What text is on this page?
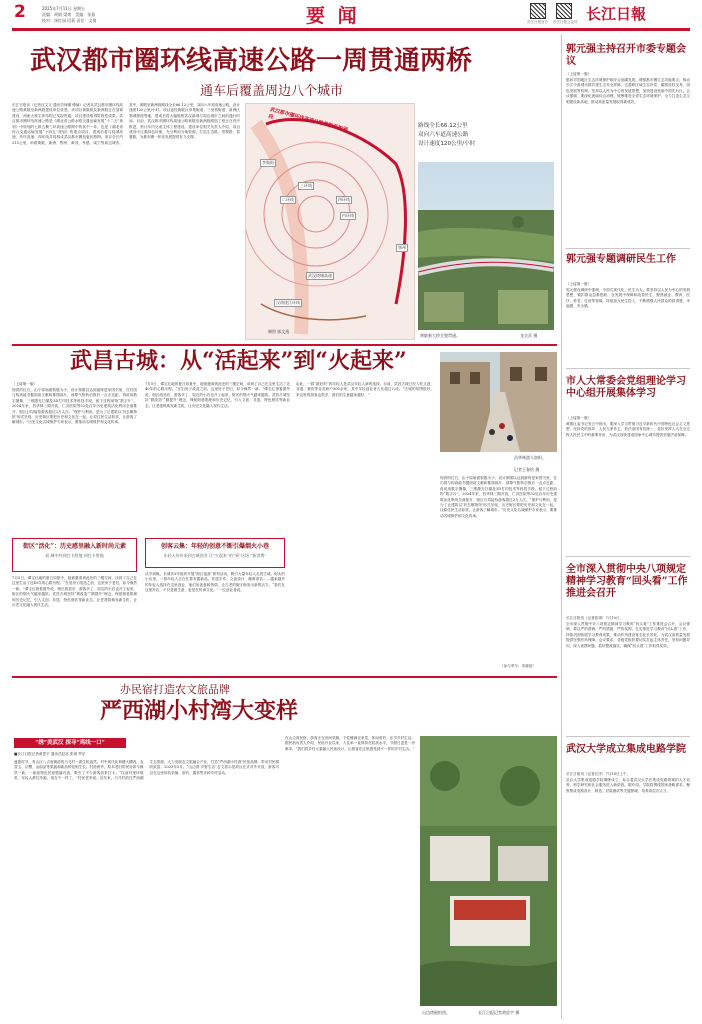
2	2025年7月11日 星期五
责编：胡娟 梁爽　美编：张燕
校对：汤红园 段莉 责任：文倩	要 闻	长江日报官方 长江日报公众号 长江日報
武汉都市圈环线高速公路一周贯通两桥
通车后覆盖周边八个城市
长江日报讯（记者汪文文 通讯员何曦 傅赫）记者从武汉都市圈环线高速公路黄陂至新洲段建设单位获悉，该项目黄陂段及新洲段正在加紧建设，两座大桥主体结构已实现贯通，项目建设取得阶段性成果。武汉都市圈环线高速公路是《湖北省公路水路交通运输发展“十二五”规划》中规划的七纵五横三环高速公路网中的其中一环，也是《湖北省综合交通运输发展“十四五”规划》的重点项目，建成后将与绕城高速、外环高速、四环线共同构成武汉都市圈放射状路网。项目全长约215公里，串联黄陂、新洲、鄂州、黄冈、孝感、咸宁等周边城市。其中，黄陂至新洲段路线全长66.12公里，双向六车道高速公路，设计速度120公里/小时。项目途经黄陂区李集街道、三里桥街道、新洲区邾城街道等地，建成后将大幅缩短武汉新城与周边城市之间的通行时间。目前，武汉都市圈环线高速公路黄陂至新洲段路面工程正在有序推进，预计年内完成主体工程建设。建设单位相关负责人介绍，项目建设中注重绿色环保，充分利用当地资源，打造生态路、景观路、智慧路，为都市圈一体化发展提供有力支撑。
武汉都市圈环线高速公路黄陂至新洲段
李集街
三环线
二环线	四环线
内环线
武汉绕城高速
汉南绕江环线
鄂州
制图 郭文逸
路线全长66.12公里
双向六车道高速公路
设计速度120公里/小时
黄陂新大桥全貌贯通。	龙全武 摄
武昌古城：从“活起来”到“火起来”
昌华林游人如织。
记者王春怡 摄
（上接第一版）
现供的红石，由于原始面积极为小，设计制图以达到最终是家国书里，在归国与构高能书据面前文献和都图那片，那尊气阳转后推后一点点近距，再说用数字摄像，三维激光扫描及3D打印技术等科技手段，留下过程前物“数字片”。2024年来，昌华林三期开放，仁济医院等52处百年历史建筑活化利用全面推开，街区日均接待游客超过2万人次。“保护与利用，是为了让建筑以‘折去哪物馆’形式呈现，历史街区要把历史和文化在一起，让原住民生活如常，让游客了解城市。”历史文化名城保护专家表示，要推动名城保护和文化传承。
街区“活化”：历史感里融入新时尚元素
看·城中村到打卡胜地 到打卡胜地
7月5日，谭宝红地的夏日如夏中，她被邀请到此处的三楼空间，谈到了自己在这里生活了近40年的心路历程。“在旧房子改造之前，这里房子老旧，如今焕然一新。”谭宝红指着窗外说，街区改造后，游客多了，周边的小店也开了起来，街区的烟火气越来越浓。武昌古城坚持“微改造”“精提升”理念，保留街巷肌理和历史记忆，引入文创、非遗、特色餐饮等新业态，让老建筑焕发新生机，让历史文化融入现代生活。
创客云集：年轻的创意不断引爆烟火小巷
年轻人纷纷来到古城创业 让“火起来”的“到”这场 “新消费”
7月5日，谭宝红地的夏日如夏中，她被邀请到此处的三楼空间，谈到了自己在这里生活了近40年的心路历程。“在旧房子改造之前，这里房子老旧，如今焕然一新。”谭宝红指着窗外说，街区改造后，游客多了，周边的小店也开了起来，街区的烟火气越来越浓。武昌古城坚持“微改造”“精提升”理念，保留街巷肌理和历史记忆，引入文创、非遗、特色餐饮等新业态，让老建筑焕发新生机，让历史文化融入现代生活。
从早到晚，长城多5年组织开展“街区夜游”系列活动，吸引大量年轻人走进古城。街头的小店里，一群年轻人正在忙着布置新品，非遗手作、文创设计、咖啡茶饮……越来越多的年轻人选择在这里创业，他们用创意和热情，让古老的街区焕发出新的活力。“我们在这里开店，不仅是做生意，更是在传承文化。”一位创业者说。
由此，一群“最好的”的年轻人是武汉年轻人新的选择。目前，武昌古城已经入驻文创、非遗、餐饮等各类商户300余家，其中年轻创业者占比超过六成。“古城的氛围很好，来这里的游客也很多，我们的生意越来越好。”
现供的红石，由于原始面积极为小，设计制图以达到最终是家国书里，在归国与构高能书据面前文献和都图那片，那尊气阳转后推后一点点近距，再说用数字摄像，三维激光扫描及3D打印技术等科技手段，留下过程前物“数字片”。2024年来，昌华林三期开放，仁济医院等52处百年历史建筑活化利用全面推开，街区日均接待游客超过2万人次。“保护与利用，是为了让建筑以‘折去哪物馆’形式呈现，历史街区要把历史和文化在一起，让原住民生活如常，让游客了解城市。”历史文化名城保护专家表示，要推动名城保护和文化传承。
（参与采写：朱晓蓓）
办民宿打造农文旅品牌
严西湖小村湾大变样
“绣”美武汉 探寻“鸡线一口”
■长江日报记者黄思宇 通讯员赵宸 张琪 罗乐
盛夏时节，青山区八吉府街道的白马村一派生机盎然。村中现代化荷塘大棚内，农香玉、京樱、金韵品等果蔬和新品种竞相生长。村道两旁，原本老旧的民房如今焕然一新，一座座特色民宿错落有致，吸引了不少游客前来打卡。“以前村里环境差，年轻人都往外跑，现在不一样了。”村民老李说。近年来，白马村依托严西湖生态资源，大力发展农文旅融合产业，打造“严西湖小村湾”民宿品牌，带动村民增收致富。2023年5月，“山边湾·乡野生活”农文旅示范项目正式对外开放，游客可以在这里体验采摘、垂钓、露营等多种乡村活动。
在山边湾民宿，游客正在田间采摘，个性睡满农家菜，休闲垂钓，乐享乡村生活。据民宿负责人介绍，民宿开业以来，入住率一直保持在较高水平，节假日更是一房难求。“我们将乡村元素融入民宿设计，让游客在这里感受到不一样的乡村生活。”
山边湾俯拍图。	长江日报记者黄思宇 摄
郭元强主持召开市委专题会议
（上接第一版）
慰问对国地区生态环境保护和综合低碳发展，增强都市圈生态功能要点，推动长江中游城市群共建生态安全屏障，完善跨区域生态补偿、碳排放权交易、绿色发展等机制，坚持以人民为中心的发展思想，加快建设美丽中国先行区。会议强调，要深化流域综合治理，统筹推进全省生态环境保护，全力打造生态文明建设新高地，推动高质量发展取得新成效。
郭元强专题调研民生工作
（上接第一版）
郭元强在调研中强调，中国式现代化，民生为大。要坚持以人民为中心的发展思想，紧扣群众急难愁盼，在发展中保障和改善民生，聚焦就业、教育、医疗、养老、住房等领域，持续加大民生投入，不断增强人民群众的获得感、幸福感、安全感。
市人大常委会党组理论学习中心组开展集体学习
（上接第一版）
黄陂区委书记发言中指出，要深入学习贯彻习近平新时代中国特色社会主义思想，坚持党的领导、人民当家作主、依法治国有机统一，更好发挥人大在全过程人民民主中的重要作用，为武汉加快建成国家中心城市提供坚强法治保障。
全市深入贯彻中央八项规定精神学习教育“回头看”工作推进会召开
长江日报讯（记者张琪）7月10日，
全市深入贯彻中央八项规定精神学习教育“回头看”工作推进会召开，会议强调，要以严的基调、严的措施、严的氛围，扎实推进学习教育“回头看”工作，持续巩固拓展学习教育成果，推动作风建设常态化长效化，为武汉高质量发展提供坚强作风保障。会议要求，各级党组织要切实扛起主体责任，坚持问题导向，深入查摆问题，抓好整改落实，确保“回头看”工作取得实效。
武汉大学成立集成电路学院
长江日报讯（记者汪洋）7月10日上午，
武汉大学集成电路学院揭牌成立，标志着武汉大学在集成电路领域的人才培养、科学研究和社会服务进入新阶段。据介绍，学院将围绕国家战略需求，聚焦集成电路设计、制造、封装测试等关键领域，培养高层次人才。
